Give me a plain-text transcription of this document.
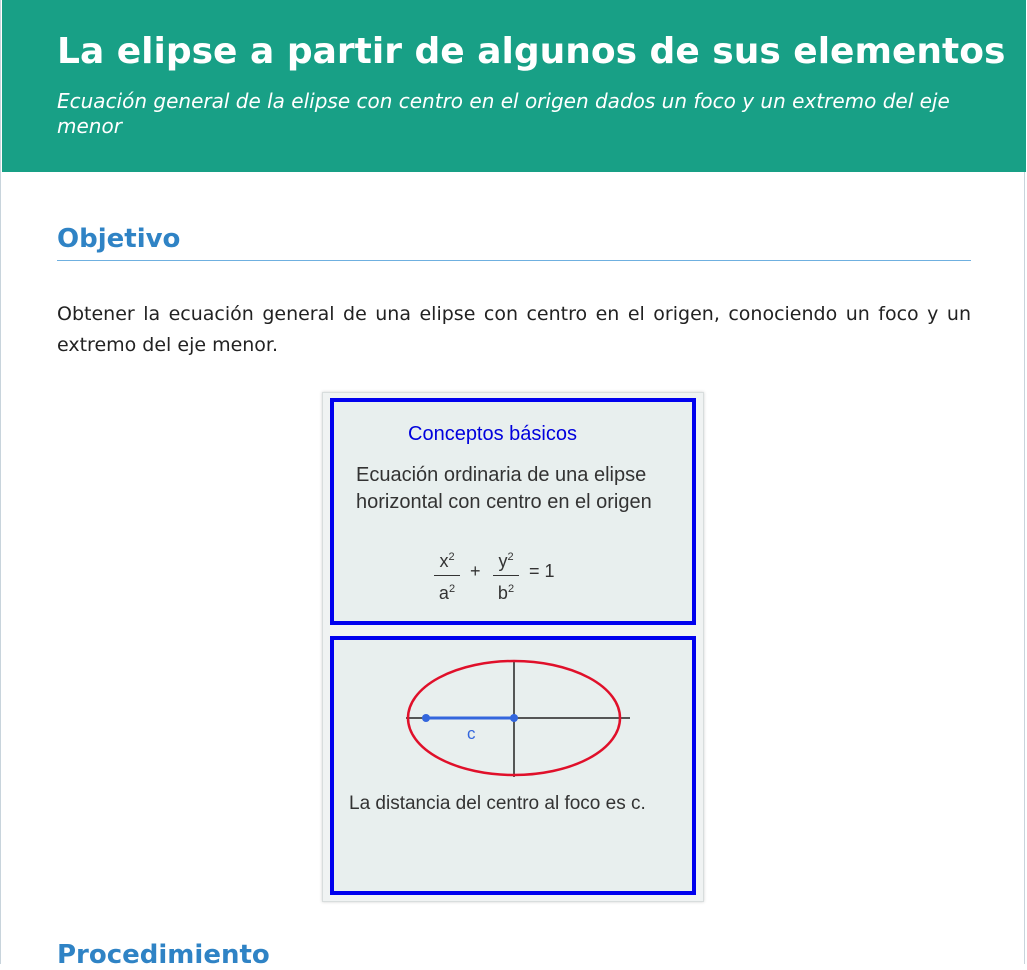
La elipse a partir de algunos de sus elementos

Ecuación general de la elipse con centro en el origen dados un foco y un extremo del eje menor

Objetivo

Obtener la ecuación general de una elipse con centro en el origen, conociendo un foco y un extremo del eje menor.

Conceptos básicos

Ecuación ordinaria de una elipse horizontal con centro en el origen

$x^2$
$a^2$
+ $y^2$
$b^2$
= 1
c

La distancia del centro al foco es c.

Procedimiento
